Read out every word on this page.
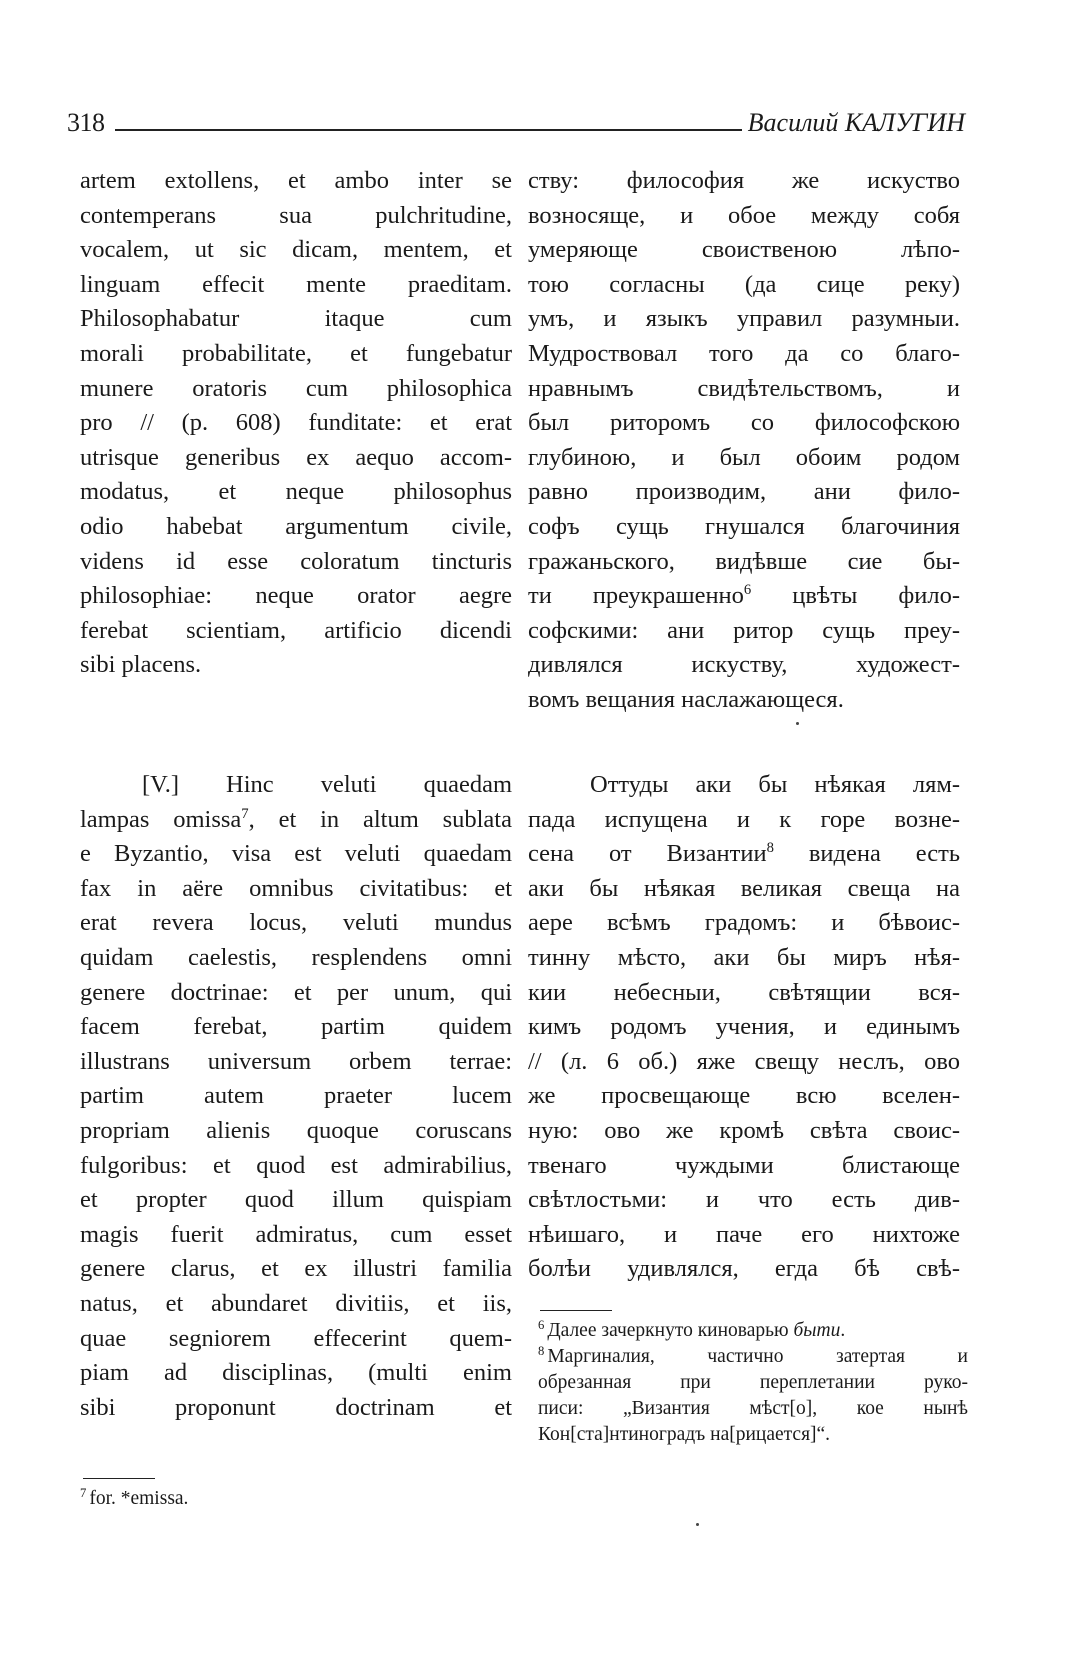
318	Василий КАЛУГИН
artem extollens, et ambo inter se
contemperans sua pulchritudine,
vocalem, ut sic dicam, mentem, et
linguam effecit mente praeditam.
Philosophabatur itaque cum
morali probabilitate, et fungebatur
munere oratoris cum philosophica
pro // (p. 608) funditate: et erat
utrisque generibus ex aequo accom-
modatus, et neque philosophus
odio habebat argumentum civile,
videns id esse coloratum tincturis
philosophiae: neque orator aegre
ferebat scientiam, artificio dicendi
sibi placens.
ству: философия же искуство
возносяще, и обое между собя
умеряюще своиственою лѣпо-
тою согласны (да сице реку)
умъ, и языкъ управил разумныи.
Мудроствовал того да со благо-
нравнымъ свидѣтельствомъ, и
был риторомъ со философскою
глубиною, и был обоим родом
равно производим, ани фило-
софъ сущь гнушался благочиния
гражаньского, видѣвше сие бы-
ти преукрашенно$^6$ цвѣты фило-
софскими: ани ритор сущь преу-
дивлялся искуству, художест-
вомъ вещания наслажающеся.
[V.] Hinc veluti quaedam
lampas omissa$^7$, et in altum sublata
e Byzantio, visa est veluti quaedam
fax in aëre omnibus civitatibus: et
erat revera locus, veluti mundus
quidam caelestis, resplendens omni
genere doctrinae: et per unum, qui
facem ferebat, partim quidem
illustrans universum orbem terrae:
partim autem praeter lucem
propriam alienis quoque coruscans
fulgoribus: et quod est admirabilius,
et propter quod illum quispiam
magis fuerit admiratus, cum esset
genere clarus, et ex illustri familia
natus, et abundaret divitiis, et iis,
quae segniorem effecerint quem-
piam ad disciplinas, (multi enim
sibi proponunt doctrinam et
Оттуды аки бы нѣякая лям-
пада испущена и к горе возне-
сена от Византии$^8$ видена есть
аки бы нѣякая великая свеща на
аере всѣмъ градомъ: и бѣвоис-
тинну мѣсто, аки бы миръ нѣя-
кии небесныи, свѣтящии вся-
кимъ родомъ учения, и единымъ
// (л. 6 об.) яже свещу неслъ, ово
же просвещающе всю вселен-
ную: ово же кромѣ свѣта своис-
твенаго чуждыми блистающе
свѣтлостьми: и что есть див-
нѣишаго, и паче его нихтоже
болѣи удивлялся, егда бѣ свѣ-
$^7$ for. *emissa.
$^6$ Далее зачеркнуто киноварью быти.
$^8$ Маргиналия, частично затертая и
обрезанная при переплетании руко-
писи: „Византия мѣст[о], кое нынѣ
Кон[ста]нтиноградъ на[рицается]“.
